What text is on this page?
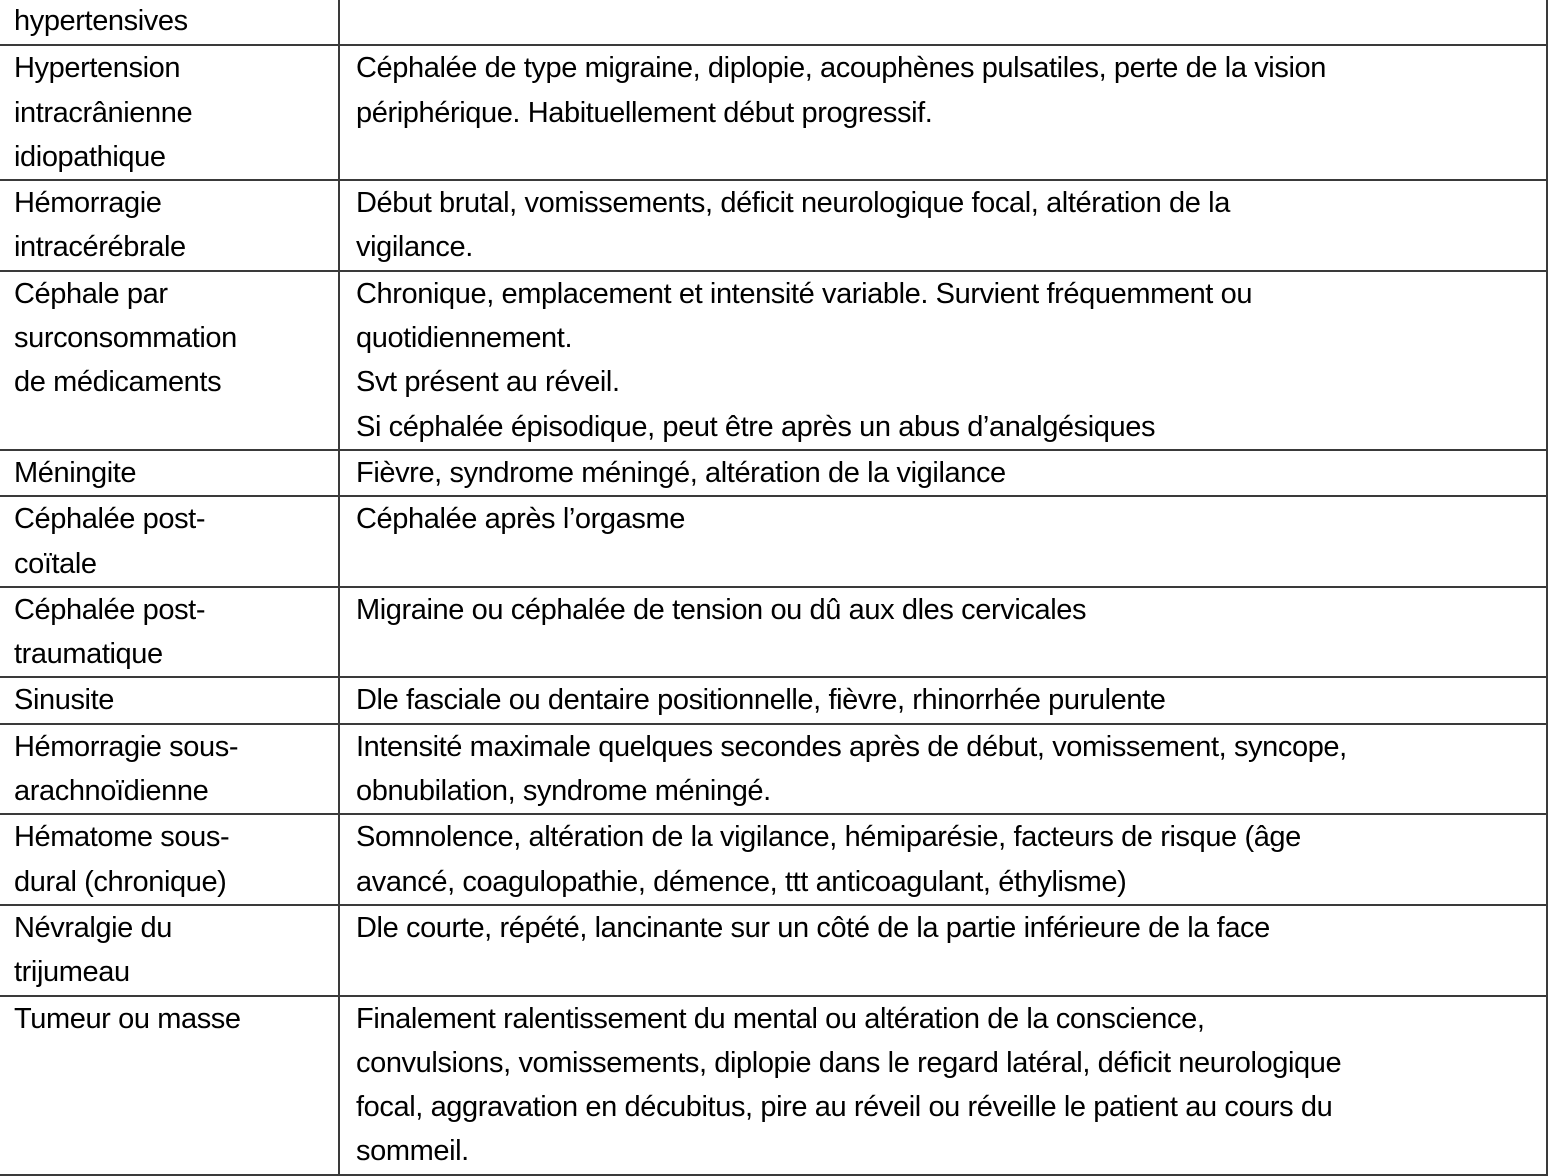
hypertensives	

Hypertension
intracrânienne
idiopathique	Céphalée de type migraine, diplopie, acouphènes pulsatiles, perte de la vision
périphérique. Habituellement début progressif.

Hémorragie
intracérébrale	Début brutal, vomissements, déficit neurologique focal, altération de la
vigilance.

Céphale par
surconsommation
de médicaments	Chronique, emplacement et intensité variable. Survient fréquemment ou
quotidiennement.
Svt présent au réveil.
Si céphalée épisodique, peut être après un abus d’analgésiques

Méningite	Fièvre, syndrome méningé, altération de la vigilance

Céphalée post-
coïtale	Céphalée après l’orgasme

Céphalée post-
traumatique	Migraine ou céphalée de tension ou dû aux dles cervicales

Sinusite	Dle fasciale ou dentaire positionnelle, fièvre, rhinorrhée purulente

Hémorragie sous-
arachnoïdienne	Intensité maximale quelques secondes après de début, vomissement, syncope,
obnubilation, syndrome méningé.

Hématome sous-
dural (chronique)	Somnolence, altération de la vigilance, hémiparésie, facteurs de risque (âge
avancé, coagulopathie, démence, ttt anticoagulant, éthylisme)

Névralgie du
trijumeau	Dle courte, répété, lancinante sur un côté de la partie inférieure de la face

Tumeur ou masse	Finalement ralentissement du mental ou altération de la conscience,
convulsions, vomissements, diplopie dans le regard latéral, déficit neurologique
focal, aggravation en décubitus, pire au réveil ou réveille le patient au cours du
sommeil.
